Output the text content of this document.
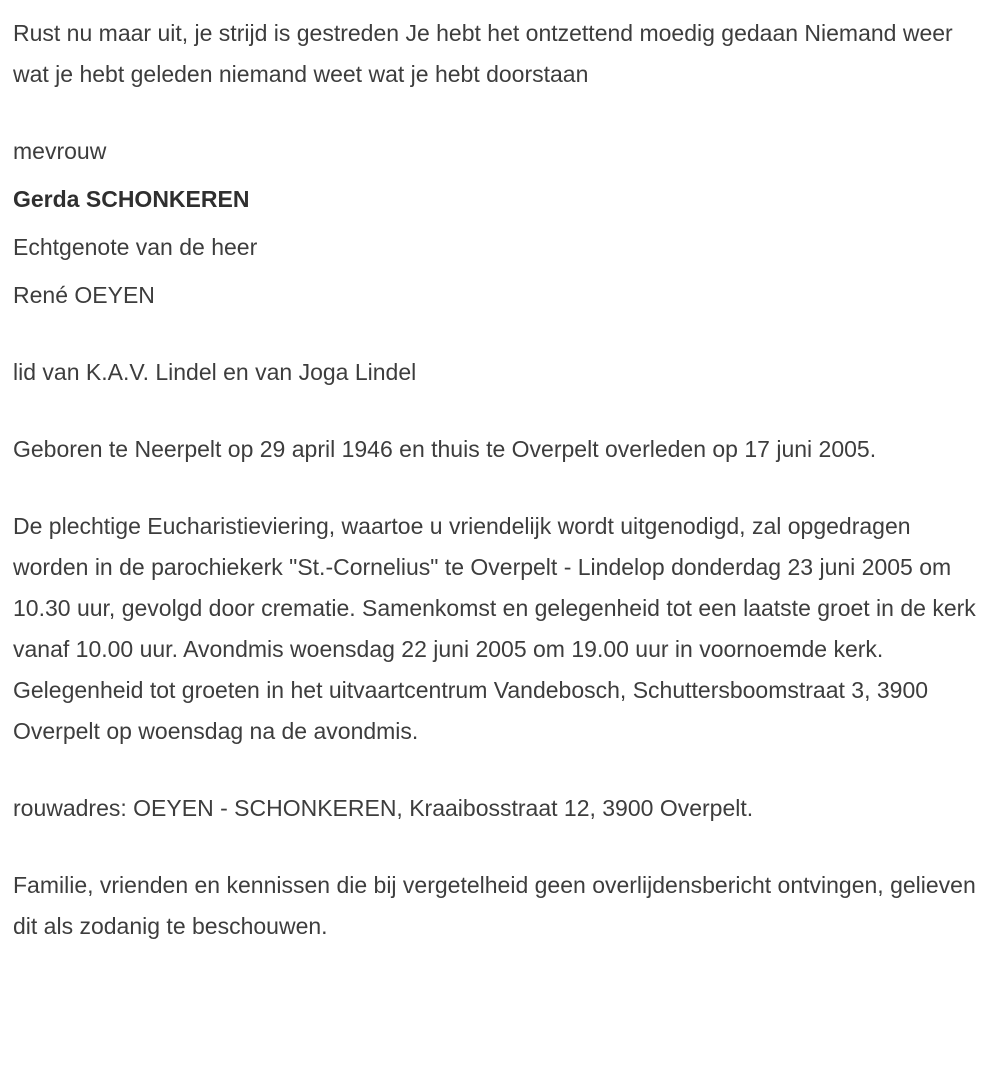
Rust nu maar uit, je strijd is gestreden Je hebt het ontzettend moedig gedaan Niemand weer wat je hebt geleden niemand weet wat je hebt doorstaan

mevrouw

Gerda SCHONKEREN

Echtgenote van de heer

René OEYEN

lid van K.A.V. Lindel en van Joga Lindel

Geboren te Neerpelt op 29 april 1946 en thuis te Overpelt overleden op 17 juni 2005.

De plechtige Eucharistieviering, waartoe u vriendelijk wordt uitgenodigd, zal opgedragen worden in de parochiekerk "St.-Cornelius" te Overpelt - Lindelop donderdag 23 juni 2005 om 10.30 uur, gevolgd door crematie. Samenkomst en gelegenheid tot een laatste groet in de kerk vanaf 10.00 uur. Avondmis woensdag 22 juni 2005 om 19.00 uur in voornoemde kerk. Gelegenheid tot groeten in het uitvaartcentrum Vandebosch, Schuttersboomstraat 3, 3900 Overpelt op woensdag na de avondmis.

rouwadres: OEYEN - SCHONKEREN, Kraaibosstraat 12, 3900 Overpelt.

Familie, vrienden en kennissen die bij vergetelheid geen overlijdensbericht ontvingen, gelieven dit als zodanig te beschouwen.
